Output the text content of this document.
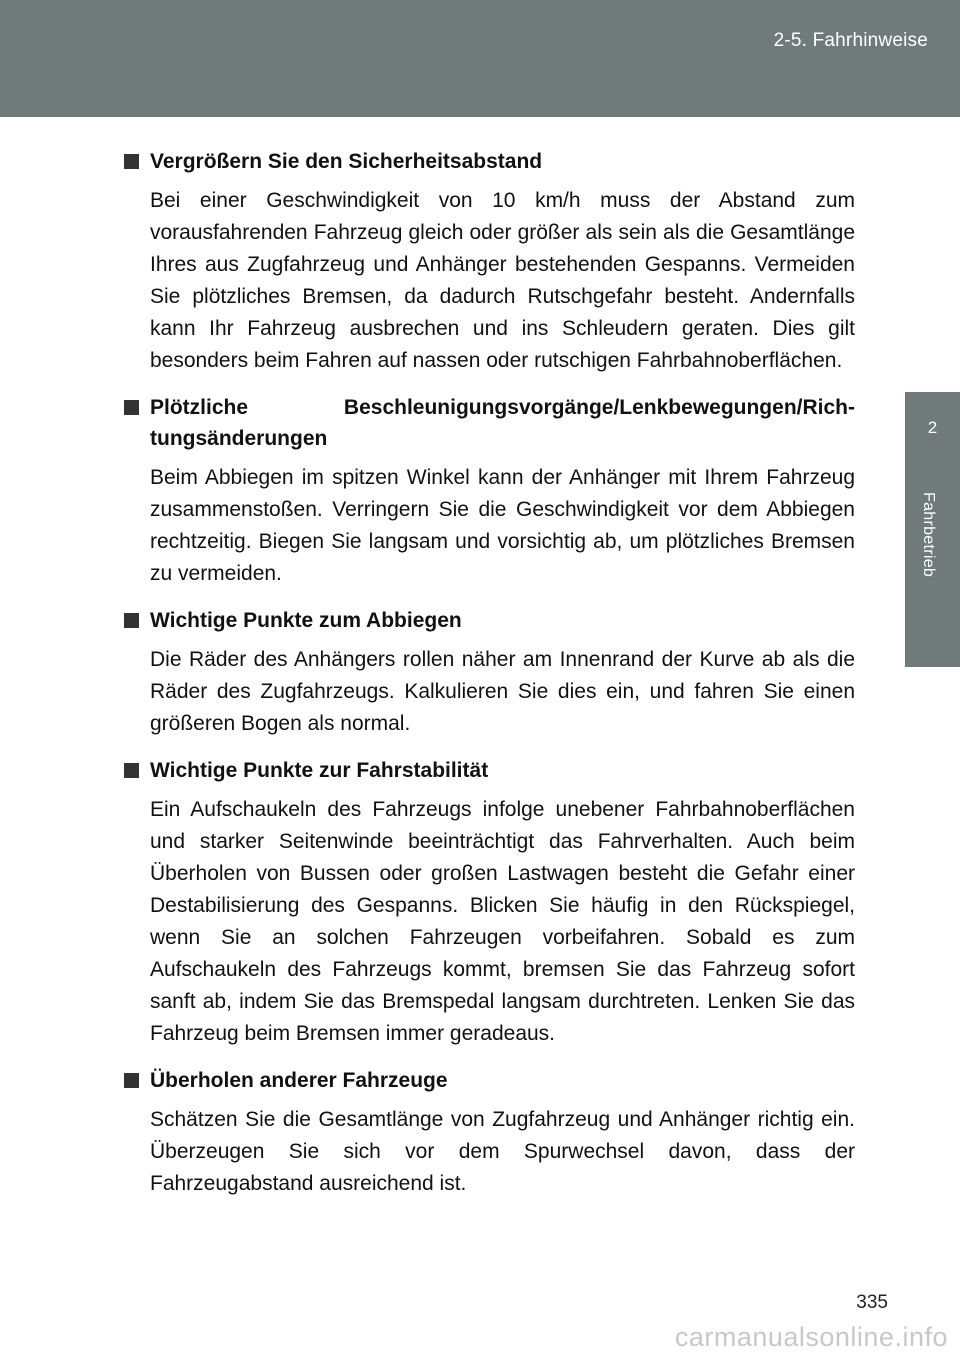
2-5. Fahrhinweise
2
Fahrbetrieb
Vergrößern Sie den Sicherheitsabstand
Bei einer Geschwindigkeit von 10 km/h muss der Abstand zum vorausfahrenden Fahrzeug gleich oder größer als sein als die Gesamtlänge Ihres aus Zugfahrzeug und Anhänger bestehenden Gespanns. Vermeiden Sie plötzliches Bremsen, da dadurch Rutschgefahr besteht. Andernfalls kann Ihr Fahrzeug ausbrechen und ins Schleudern geraten. Dies gilt besonders beim Fahren auf nassen oder rutschigen Fahrbahnoberflächen.
Plötzliche Beschleunigungsvorgänge/Lenkbewegungen/Richtungsänderungen
Beim Abbiegen im spitzen Winkel kann der Anhänger mit Ihrem Fahrzeug zusammenstoßen. Verringern Sie die Geschwindigkeit vor dem Abbiegen rechtzeitig. Biegen Sie langsam und vorsichtig ab, um plötzliches Bremsen zu vermeiden.
Wichtige Punkte zum Abbiegen
Die Räder des Anhängers rollen näher am Innenrand der Kurve ab als die Räder des Zugfahrzeugs. Kalkulieren Sie dies ein, und fahren Sie einen größeren Bogen als normal.
Wichtige Punkte zur Fahrstabilität
Ein Aufschaukeln des Fahrzeugs infolge unebener Fahrbahnoberflächen und starker Seitenwinde beeinträchtigt das Fahrverhalten. Auch beim Überholen von Bussen oder großen Lastwagen besteht die Gefahr einer Destabilisierung des Gespanns. Blicken Sie häufig in den Rückspiegel, wenn Sie an solchen Fahrzeugen vorbeifahren. Sobald es zum Aufschaukeln des Fahrzeugs kommt, bremsen Sie das Fahrzeug sofort sanft ab, indem Sie das Bremspedal langsam durchtreten. Lenken Sie das Fahrzeug beim Bremsen immer geradeaus.
Überholen anderer Fahrzeuge
Schätzen Sie die Gesamtlänge von Zugfahrzeug und Anhänger richtig ein. Überzeugen Sie sich vor dem Spurwechsel davon, dass der Fahrzeugabstand ausreichend ist.
335
carmanualsonline.info
